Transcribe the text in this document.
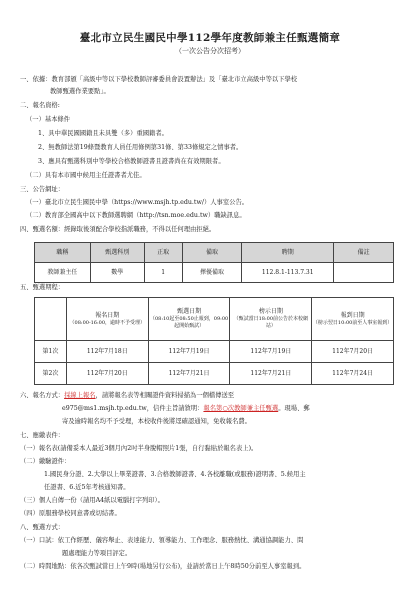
臺北市立民生國民中學112學年度教師兼主任甄選簡章
（一次公告分次招考）
一、依據：教育部頒「高級中等以下學校教師評審委員會設置辦法」及「臺北市立高級中等以下學校
教師甄選作業要點」。
二、報名資格:
（一）基本條件
1、具中華民國國籍且未具雙（多）重國籍者。
2、無教師法第19條暨教育人員任用條例第31條、第33條規定之情事者。
3、應具有甄選科別中等學校合格教師證書且證書尚在有效期限者。
（二）具有本市國中候用主任證書者尤佳。
三、公告網址：
（一）臺北市立民生國民中學（https://www.msjh.tp.edu.tw/）人事室公告。
（二）教育部全國高中以下教師選聘網（http://tsn.moe.edu.tw）職缺訊息。
四、甄選名額：經錄取後須配合學校指派職務，不得以任何理由拒絕。
職稱	甄選科別	正取	備取	聘期	備註
教師兼主任	數學	1	擇優備取	112.8.1-113.7.31	
五、甄選期程：
	報名日期
（08:00-16:00，逾時不予受理）	甄選日期
（08:10起至08:50止報到，09:00起開始甄試）	榜示日期
（甄試當日18:00前公告於本校網站）	報到日期
（榜示翌日10:00前至人事室報到）

第1次	112年7月18日	112年7月19日	112年7月19日	112年7月20日
第2次	112年7月20日	112年7月21日	112年7月21日	112年7月24日
六、報名方式：採線上報名，請將報名表等相關證件資料掃描為一個檔傳送至
e975@ms1.msjh.tp.edu.tw，信件主旨請敘明：報名第○次教師兼主任甄選。現場、郵
寄及逾時報名均不予受理，本校收件後將逕確認通知，免收報名費。
七、應繳表件：
（一）報名表(請備妥本人最近3個月內2吋半身脫帽照片1張，自行黏貼於報名表上)。
（二）繳驗證件：
1.國民身分證、2.大學以上畢業證書、3.合格教師證書、4.各校離職(或服務)證明書、5.候用主
任證書、6.近5年考核通知書。
（三）個人自傳一份（請用A4紙以電腦打字列印）。
（四）原服務學校同意書或切結書。
八、甄選方式：
（一）口試：依工作經歷、儀容舉止、表達能力、領導能力、工作理念、服務熱忱、溝通協調能力、問
題處理能力等項目評定。
（二）時間地點：依各次甄試當日上午9時(場地另行公布)，並請於當日上午8時50分前至人事室報到。
